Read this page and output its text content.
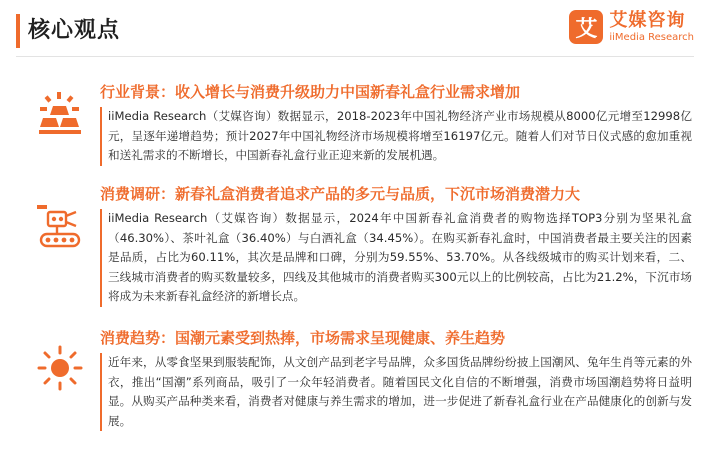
核心观点	艾 艾媒咨询
iiMedia Research
行业背景：收入增长与消费升级助力中国新春礼盒行业需求增加
iiMedia Research（艾媒咨询）数据显示，2018-2023年中国礼物经济产业市场规模从8000亿元增至12998亿元，呈逐年递增趋势；预计2027年中国礼物经济市场规模将增至16197亿元。随着人们对节日仪式感的愈加重视和送礼需求的不断增长，中国新春礼盒行业正迎来新的发展机遇。
消费调研：新春礼盒消费者追求产品的多元与品质，下沉市场消费潜力大
iiMedia Research（艾媒咨询）数据显示，2024年中国新春礼盒消费者的购物选择TOP3分别为坚果礼盒（46.30%）、茶叶礼盒（36.40%）与白酒礼盒（34.45%）。在购买新春礼盒时，中国消费者最主要关注的因素是品质，占比为60.11%，其次是品牌和口碑，分别为59.55%、53.70%。从各线级城市的购买计划来看，二、三线城市消费者的购买数量较多，四线及其他城市的消费者购买300元以上的比例较高，占比为21.2%，下沉市场将成为未来新春礼盒经济的新增长点。
消费趋势：国潮元素受到热捧，市场需求呈现健康、养生趋势
近年来，从零食坚果到服装配饰，从文创产品到老字号品牌，众多国货品牌纷纷披上国潮风、兔年生肖等元素的外衣，推出“国潮”系列商品，吸引了一众年轻消费者。随着国民文化自信的不断增强，消费市场国潮趋势将日益明显。从购买产品种类来看，消费者对健康与养生需求的增加，进一步促进了新春礼盒行业在产品健康化的创新与发展。
